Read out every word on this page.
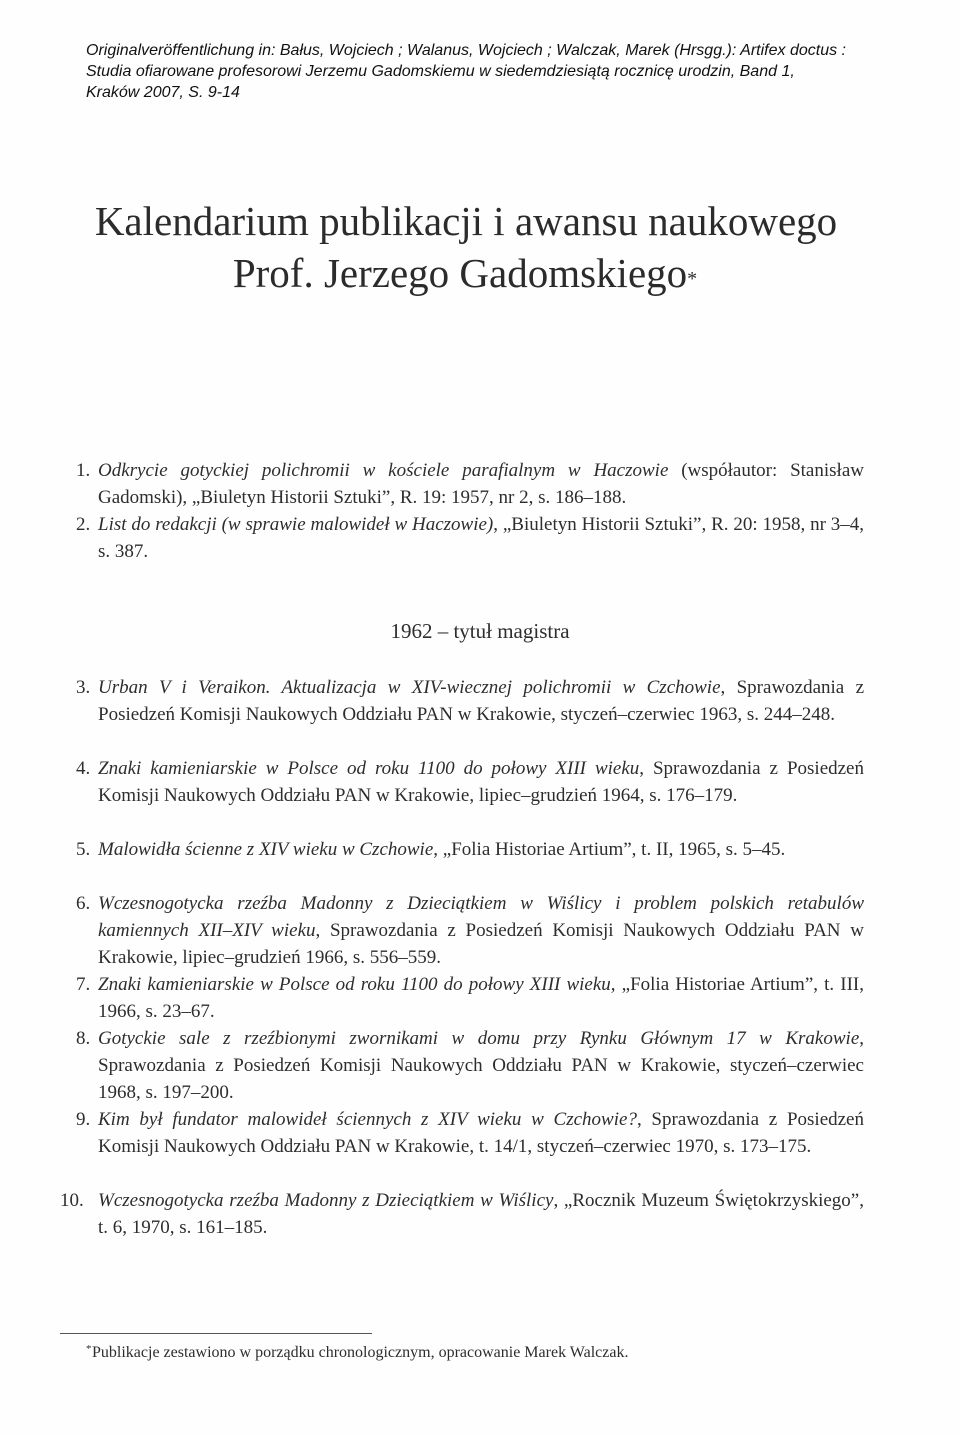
Originalveröffentlichung in: Bałus, Wojciech ; Walanus, Wojciech ; Walczak, Marek (Hrsgg.): Artifex doctus :
Studia ofiarowane profesorowi Jerzemu Gadomskiemu w siedemdziesiątą rocznicę urodzin, Band 1,
Kraków 2007, S. 9-14
Kalendarium publikacji i awansu naukowego
Prof. Jerzego Gadomskiego*
1. Odkrycie gotyckiej polichromii w kościele parafialnym w Haczowie (współautor: Stanisław Gadomski), „Biuletyn Historii Sztuki”, R. 19: 1957, nr 2, s. 186–188.
2. List do redakcji (w sprawie malowideł w Haczowie), „Biuletyn Historii Sztuki”, R. 20: 1958, nr 3–4, s. 387.
1962 – tytuł magistra
3. Urban V i Veraikon. Aktualizacja w XIV-wiecznej polichromii w Czchowie, Sprawozdania z Posiedzeń Komisji Naukowych Oddziału PAN w Krakowie, styczeń–czerwiec 1963, s. 244–248.
4. Znaki kamieniarskie w Polsce od roku 1100 do połowy XIII wieku, Sprawozdania z Posiedzeń Komisji Naukowych Oddziału PAN w Krakowie, lipiec–grudzień 1964, s. 176–179.
5. Malowidła ścienne z XIV wieku w Czchowie, „Folia Historiae Artium”, t. II, 1965, s. 5–45.
6. Wczesnogotycka rzeźba Madonny z Dzieciątkiem w Wiślicy i problem polskich retabulów kamiennych XII–XIV wieku, Sprawozdania z Posiedzeń Komisji Naukowych Oddziału PAN w Krakowie, lipiec–grudzień 1966, s. 556–559.
7. Znaki kamieniarskie w Polsce od roku 1100 do połowy XIII wieku, „Folia Historiae Artium”, t. III, 1966, s. 23–67.
8. Gotyckie sale z rzeźbionymi zwornikami w domu przy Rynku Głównym 17 w Krakowie, Sprawozdania z Posiedzeń Komisji Naukowych Oddziału PAN w Krakowie, styczeń–czerwiec 1968, s. 197–200.
9. Kim był fundator malowideł ściennych z XIV wieku w Czchowie?, Sprawozdania z Posiedzeń Komisji Naukowych Oddziału PAN w Krakowie, t. 14/1, styczeń–czerwiec 1970, s. 173–175.
10. Wczesnogotycka rzeźba Madonny z Dzieciątkiem w Wiślicy, „Rocznik Muzeum Świętokrzyskiego”, t. 6, 1970, s. 161–185.
* Publikacje zestawiono w porządku chronologicznym, opracowanie Marek Walczak.
